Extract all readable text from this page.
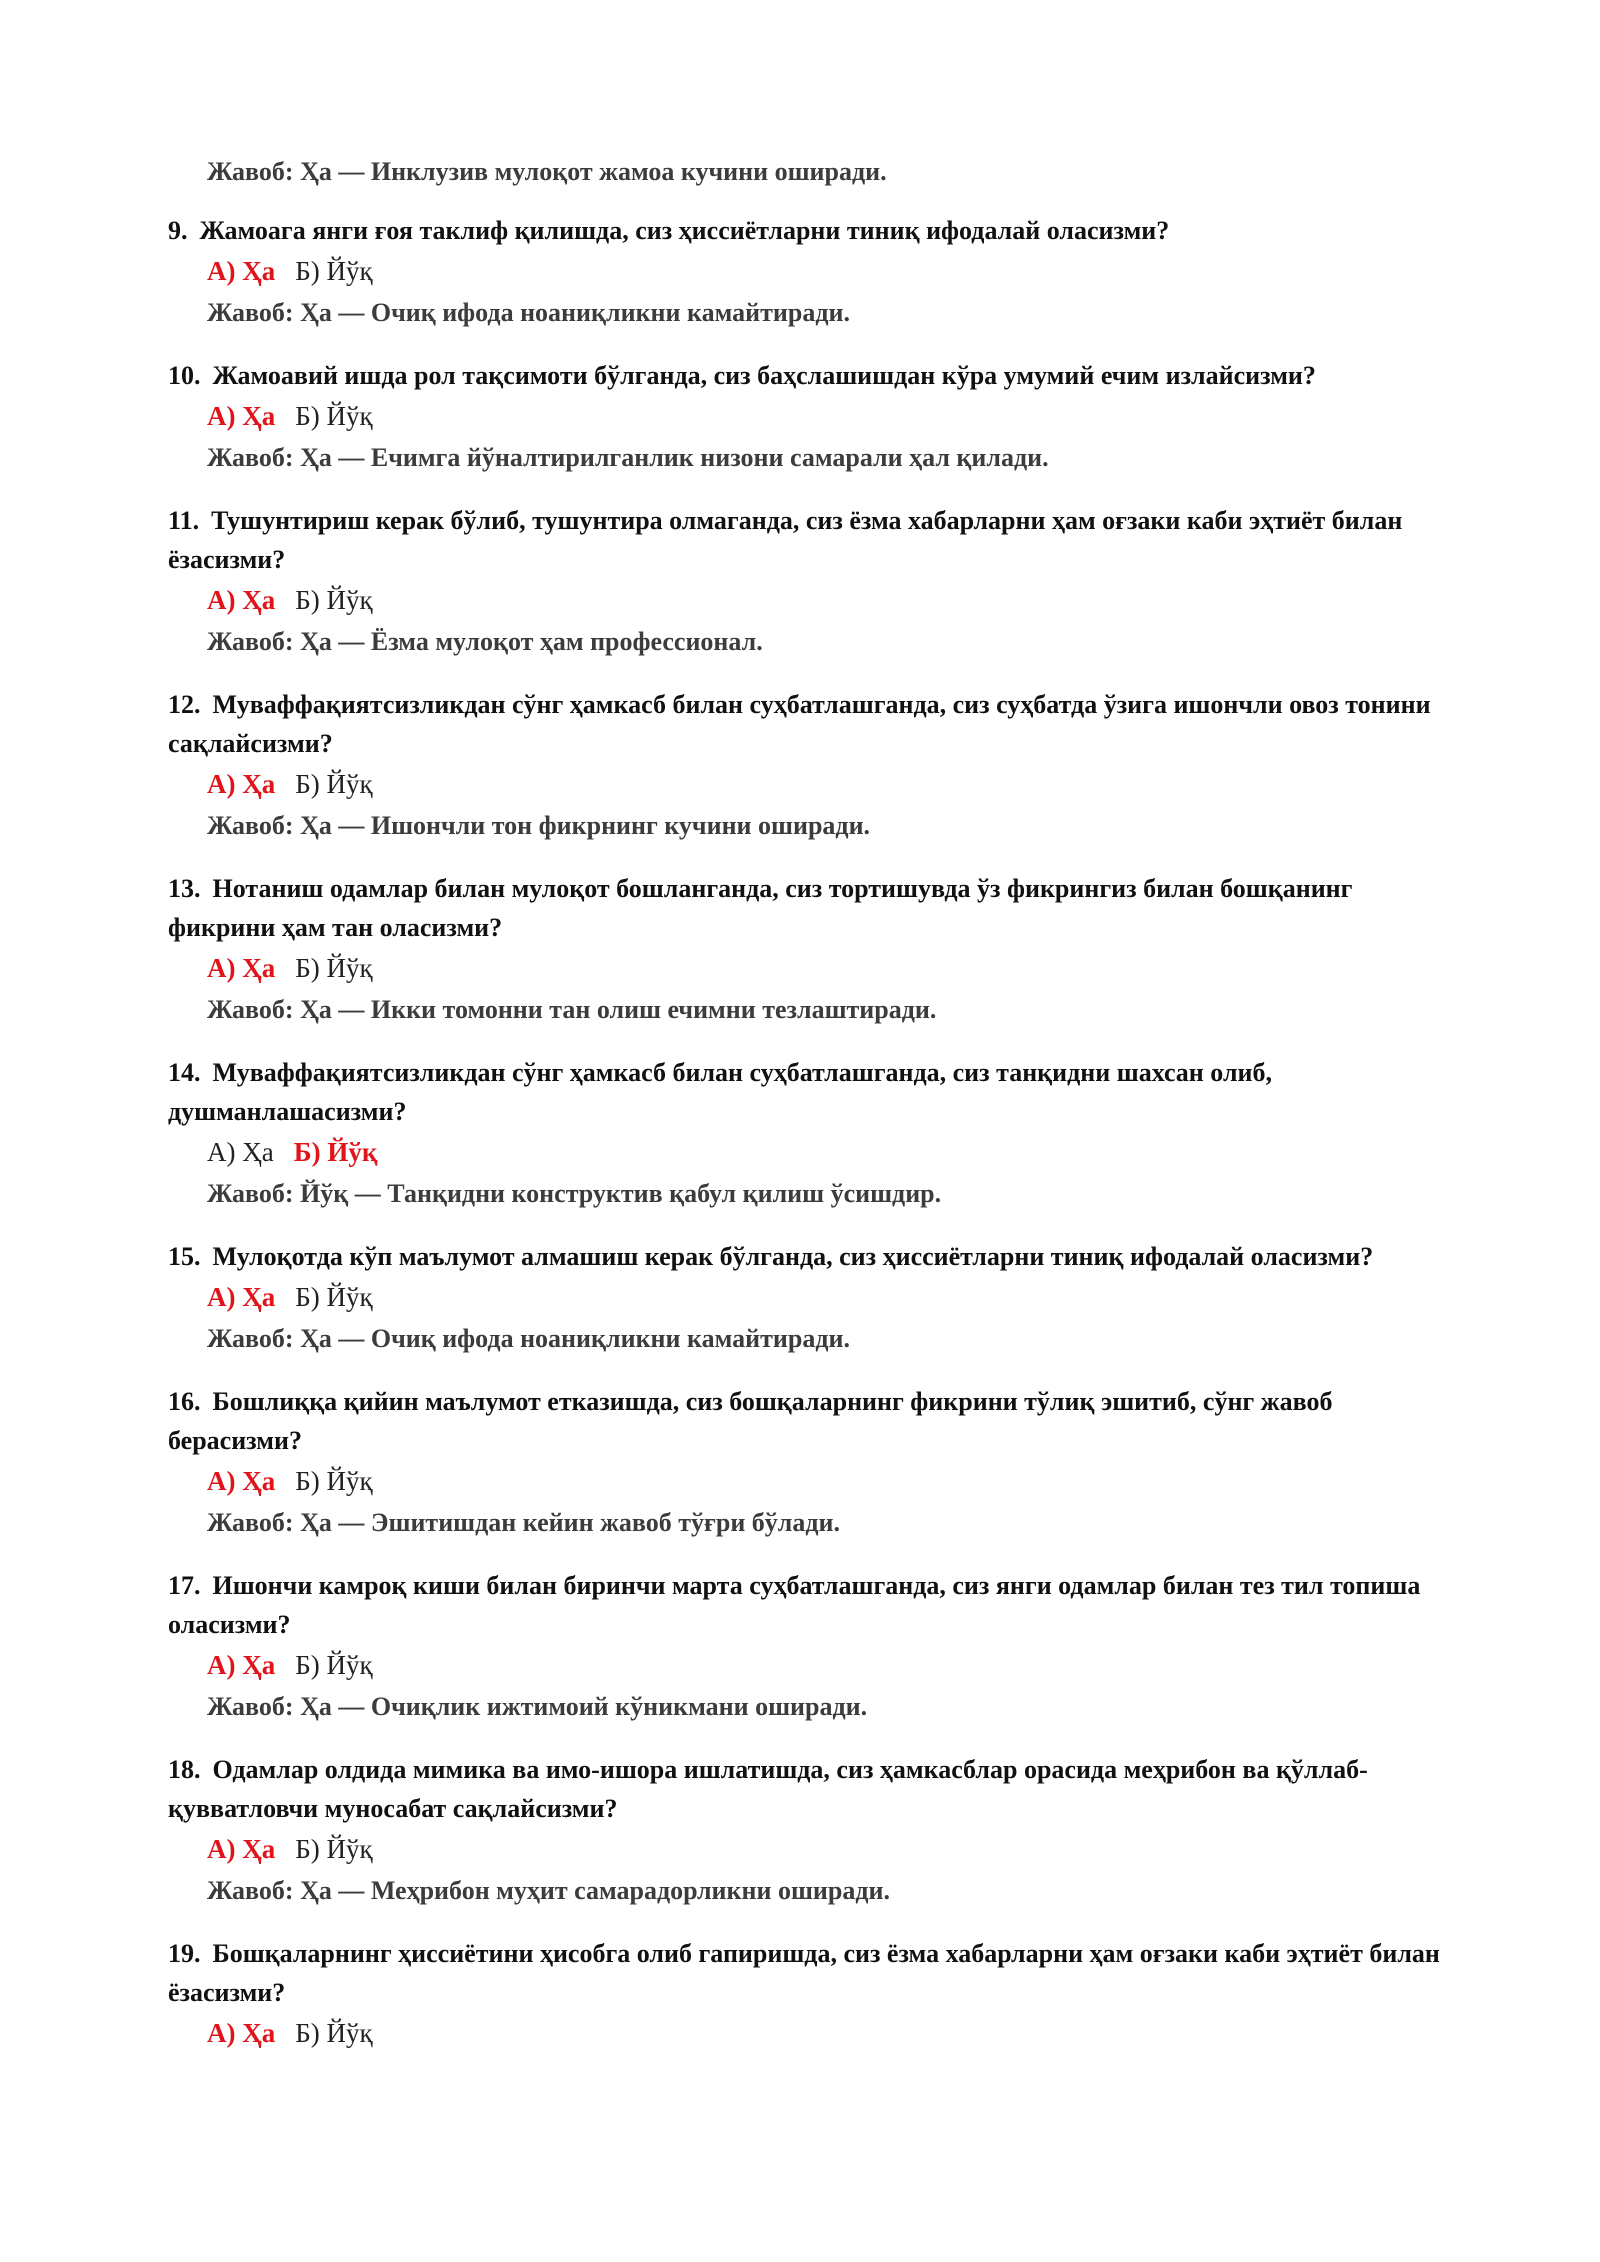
Жавоб: Ҳа — Инклузив мулоқот жамоа кучини оширади.

9. Жамоага янги ғоя таклиф қилишда, сиз ҳиссиётларни тиниқ ифодалай оласизми?

А) Ҳа Б) Йўқ
Жавоб: Ҳа — Очиқ ифода ноаниқликни камайтиради.

10. Жамоавий ишда рол тақсимоти бўлганда, сиз баҳслашишдан кўра умумий ечим излайсизми?

А) Ҳа Б) Йўқ
Жавоб: Ҳа — Ечимга йўналтирилганлик низони самарали ҳал қилади.

11. Тушунтириш керак бўлиб, тушунтира олмаганда, сиз ёзма хабарларни ҳам оғзаки каби эҳтиёт билан ёзасизми?

А) Ҳа Б) Йўқ
Жавоб: Ҳа — Ёзма мулоқот ҳам профессионал.

12. Муваффақиятсизликдан сўнг ҳамкасб билан суҳбатлашганда, сиз суҳбатда ўзига ишончли овоз тонини сақлайсизми?

А) Ҳа Б) Йўқ
Жавоб: Ҳа — Ишончли тон фикрнинг кучини оширади.

13. Нотаниш одамлар билан мулоқот бошланганда, сиз тортишувда ўз фикрингиз билан бошқанинг фикрини ҳам тан оласизми?

А) Ҳа Б) Йўқ
Жавоб: Ҳа — Икки томонни тан олиш ечимни тезлаштиради.

14. Муваффақиятсизликдан сўнг ҳамкасб билан суҳбатлашганда, сиз танқидни шахсан олиб, душманлашасизми?

А) Ҳа Б) Йўқ
Жавоб: Йўқ — Танқидни конструктив қабул қилиш ўсишдир.

15. Мулоқотда кўп маълумот алмашиш керак бўлганда, сиз ҳиссиётларни тиниқ ифодалай оласизми?

А) Ҳа Б) Йўқ
Жавоб: Ҳа — Очиқ ифода ноаниқликни камайтиради.

16. Бошлиққа қийин маълумот етказишда, сиз бошқаларнинг фикрини тўлиқ эшитиб, сўнг жавоб берасизми?

А) Ҳа Б) Йўқ
Жавоб: Ҳа — Эшитишдан кейин жавоб тўғри бўлади.

17. Ишончи камроқ киши билан биринчи марта суҳбатлашганда, сиз янги одамлар билан тез тил топиша оласизми?

А) Ҳа Б) Йўқ
Жавоб: Ҳа — Очиқлик ижтимоий кўникмани оширади.

18. Одамлар олдида мимика ва имо-ишора ишлатишда, сиз ҳамкасблар орасида меҳрибон ва қўллаб-қувватловчи муносабат сақлайсизми?

А) Ҳа Б) Йўқ
Жавоб: Ҳа — Меҳрибон муҳит самарадорликни оширади.

19. Бошқаларнинг ҳиссиётини ҳисобга олиб гапиришда, сиз ёзма хабарларни ҳам оғзаки каби эҳтиёт билан ёзасизми?

А) Ҳа Б) Йўқ
